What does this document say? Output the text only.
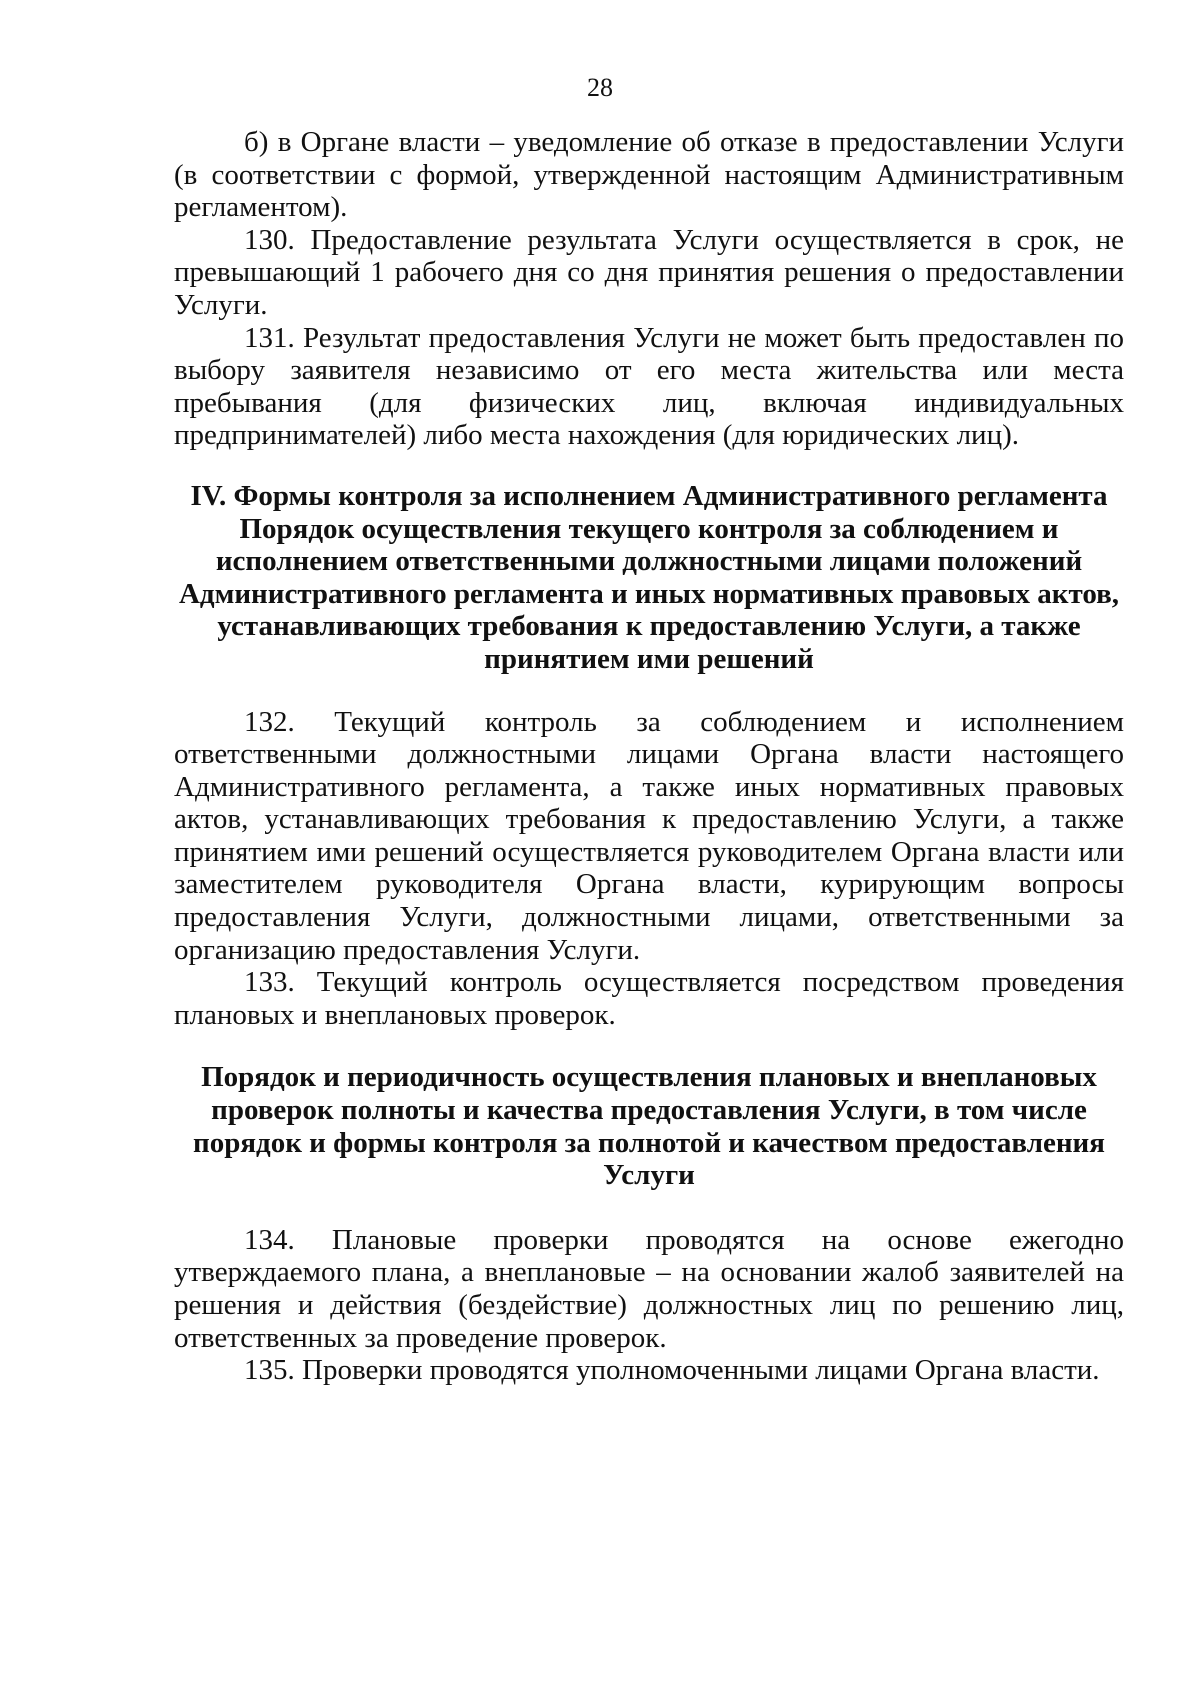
28

б) в Органе власти – уведомление об отказе в предоставлении Услуги (в соответствии с формой, утвержденной настоящим Административным регламентом).

130. Предоставление результата Услуги осуществляется в срок, не превышающий 1 рабочего дня со дня принятия решения о предоставлении Услуги.

131. Результат предоставления Услуги не может быть предоставлен по выбору заявителя независимо от его места жительства или места пребывания (для физических лиц, включая индивидуальных предпринимателей) либо места нахождения (для юридических лиц).

IV. Формы контроля за исполнением Административного регламента Порядок осуществления текущего контроля за соблюдением и исполнением ответственными должностными лицами положений Административного регламента и иных нормативных правовых актов, устанавливающих требования к предоставлению Услуги, а также принятием ими решений

132. Текущий контроль за соблюдением и исполнением ответственными должностными лицами Органа власти настоящего Административного регламента, а также иных нормативных правовых актов, устанавливающих требования к предоставлению Услуги, а также принятием ими решений осуществляется руководителем Органа власти или заместителем руководителя Органа власти, курирующим вопросы предоставления Услуги, должностными лицами, ответственными за организацию предоставления Услуги.

133. Текущий контроль осуществляется посредством проведения плановых и внеплановых проверок.

Порядок и периодичность осуществления плановых и внеплановых проверок полноты и качества предоставления Услуги, в том числе порядок и формы контроля за полнотой и качеством предоставления Услуги

134. Плановые проверки проводятся на основе ежегодно утверждаемого плана, а внеплановые – на основании жалоб заявителей на решения и действия (бездействие) должностных лиц по решению лиц, ответственных за проведение проверок.

135. Проверки проводятся уполномоченными лицами Органа власти.
